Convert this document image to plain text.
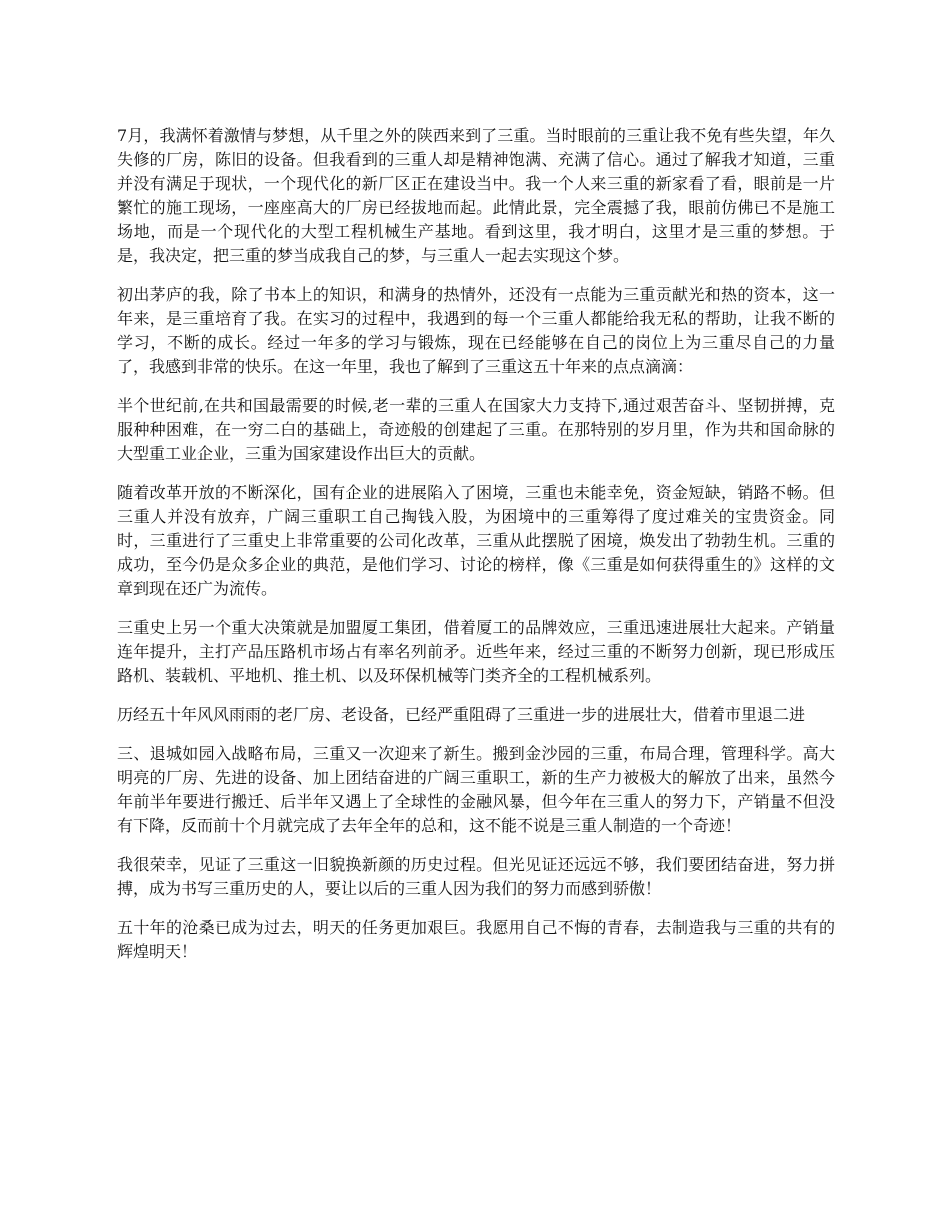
7月，我满怀着激情与梦想，从千里之外的陕西来到了三重。当时眼前的三重让我不免有些失望，年久失修的厂房，陈旧的设备。但我看到的三重人却是精神饱满、充满了信心。通过了解我才知道，三重并没有满足于现状，一个现代化的新厂区正在建设当中。我一个人来三重的新家看了看，眼前是一片繁忙的施工现场，一座座高大的厂房已经拔地而起。此情此景，完全震撼了我，眼前仿佛已不是施工场地，而是一个现代化的大型工程机械生产基地。看到这里，我才明白，这里才是三重的梦想。于是，我决定，把三重的梦当成我自己的梦，与三重人一起去实现这个梦。

初出茅庐的我，除了书本上的知识，和满身的热情外，还没有一点能为三重贡献光和热的资本，这一年来，是三重培育了我。在实习的过程中，我遇到的每一个三重人都能给我无私的帮助，让我不断的学习，不断的成长。经过一年多的学习与锻炼，现在已经能够在自己的岗位上为三重尽自己的力量了，我感到非常的快乐。在这一年里，我也了解到了三重这五十年来的点点滴滴：

半个世纪前,在共和国最需要的时候,老一辈的三重人在国家大力支持下,通过艰苦奋斗、坚韧拼搏，克服种种困难，在一穷二白的基础上，奇迹般的创建起了三重。在那特别的岁月里，作为共和国命脉的大型重工业企业，三重为国家建设作出巨大的贡献。

随着改革开放的不断深化，国有企业的进展陷入了困境，三重也未能幸免，资金短缺，销路不畅。但三重人并没有放弃，广阔三重职工自己掏钱入股，为困境中的三重筹得了度过难关的宝贵资金。同时，三重进行了三重史上非常重要的公司化改革，三重从此摆脱了困境，焕发出了勃勃生机。三重的成功，至今仍是众多企业的典范，是他们学习、讨论的榜样，像《三重是如何获得重生的》这样的文章到现在还广为流传。

三重史上另一个重大决策就是加盟厦工集团，借着厦工的品牌效应，三重迅速进展壮大起来。产销量连年提升，主打产品压路机市场占有率名列前矛。近些年来，经过三重的不断努力创新，现已形成压路机、装载机、平地机、推土机、以及环保机械等门类齐全的工程机械系列。

历经五十年风风雨雨的老厂房、老设备，已经严重阻碍了三重进一步的进展壮大，借着市里退二进

三、退城如园入战略布局，三重又一次迎来了新生。搬到金沙园的三重，布局合理，管理科学。高大明亮的厂房、先进的设备、加上团结奋进的广阔三重职工，新的生产力被极大的解放了出来，虽然今年前半年要进行搬迁、后半年又遇上了全球性的金融风暴，但今年在三重人的努力下，产销量不但没有下降，反而前十个月就完成了去年全年的总和，这不能不说是三重人制造的一个奇迹！

我很荣幸，见证了三重这一旧貌换新颜的历史过程。但光见证还远远不够，我们要团结奋进，努力拼搏，成为书写三重历史的人，要让以后的三重人因为我们的努力而感到骄傲！

五十年的沧桑已成为过去，明天的任务更加艰巨。我愿用自己不悔的青春，去制造我与三重的共有的辉煌明天！
